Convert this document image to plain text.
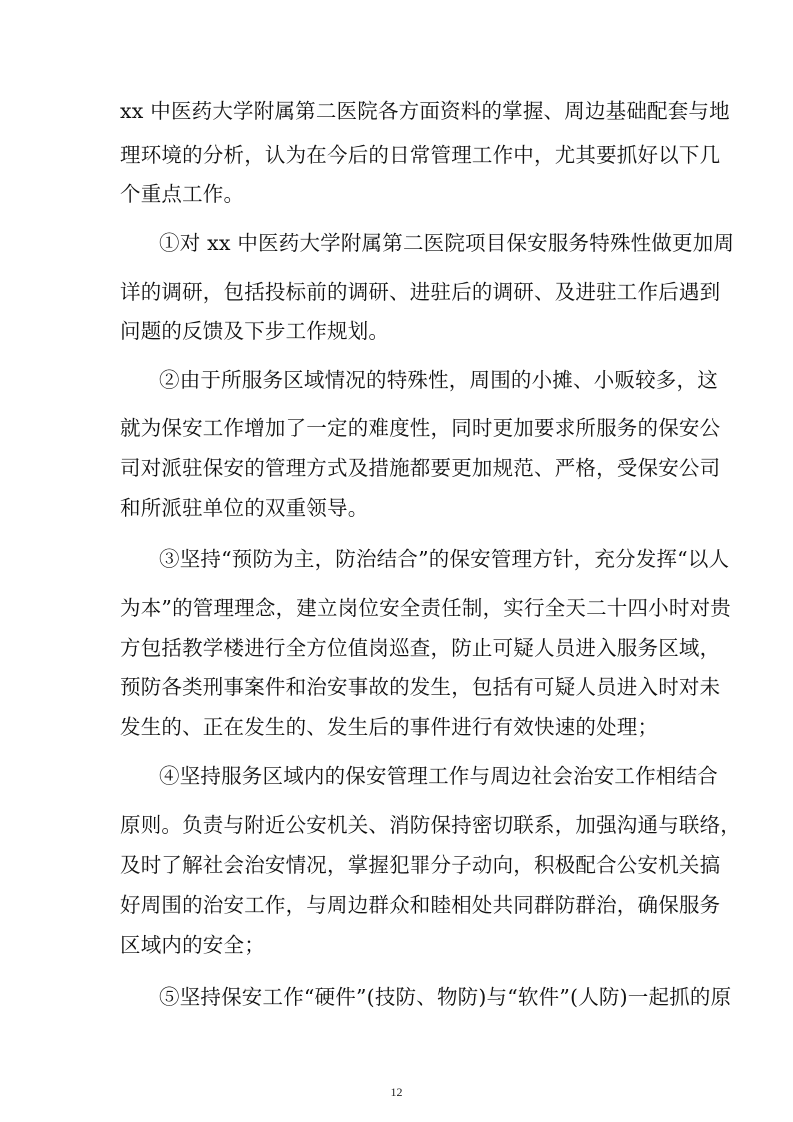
xx 中医药大学附属第二医院各方面资料的掌握、周边基础配套与地
理环境的分析，认为在今后的日常管理工作中，尤其要抓好以下几
个重点工作。
①对 xx 中医药大学附属第二医院项目保安服务特殊性做更加周
详的调研，包括投标前的调研、进驻后的调研、及进驻工作后遇到
问题的反馈及下步工作规划。
②由于所服务区域情况的特殊性，周围的小摊、小贩较多，这
就为保安工作增加了一定的难度性，同时更加要求所服务的保安公
司对派驻保安的管理方式及措施都要更加规范、严格，受保安公司
和所派驻单位的双重领导。
③坚持“预防为主，防治结合”的保安管理方针，充分发挥“以人
为本”的管理理念，建立岗位安全责任制，实行全天二十四小时对贵
方包括教学楼进行全方位值岗巡查，防止可疑人员进入服务区域，
预防各类刑事案件和治安事故的发生，包括有可疑人员进入时对未
发生的、正在发生的、发生后的事件进行有效快速的处理；
④坚持服务区域内的保安管理工作与周边社会治安工作相结合
原则。负责与附近公安机关、消防保持密切联系，加强沟通与联络，
及时了解社会治安情况，掌握犯罪分子动向，积极配合公安机关搞
好周围的治安工作，与周边群众和睦相处共同群防群治，确保服务
区域内的安全；
⑤坚持保安工作“硬件”(技防、物防)与“软件”(人防)一起抓的原
12
